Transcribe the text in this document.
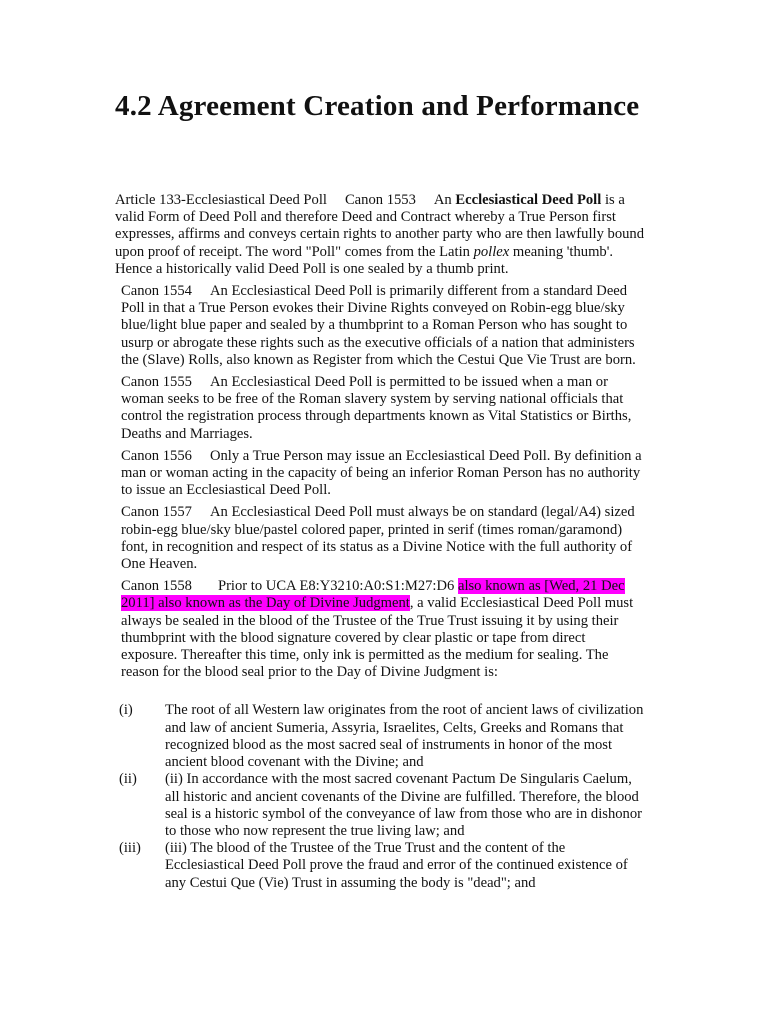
4.2 Agreement Creation and Performance

Article 133-Ecclesiastical Deed Poll Canon 1553 An Ecclesiastical Deed Poll is a valid Form of Deed Poll and therefore Deed and Contract whereby a True Person first expresses, affirms and conveys certain rights to another party who are then lawfully bound upon proof of receipt. The word "Poll" comes from the Latin pollex meaning 'thumb'. Hence a historically valid Deed Poll is one sealed by a thumb print.

Canon 1554 An Ecclesiastical Deed Poll is primarily different from a standard Deed Poll in that a True Person evokes their Divine Rights conveyed on Robin-egg blue/sky blue/light blue paper and sealed by a thumbprint to a Roman Person who has sought to usurp or abrogate these rights such as the executive officials of a nation that administers the (Slave) Rolls, also known as Register from which the Cestui Que Vie Trust are born.

Canon 1555 An Ecclesiastical Deed Poll is permitted to be issued when a man or woman seeks to be free of the Roman slavery system by serving national officials that control the registration process through departments known as Vital Statistics or Births, Deaths and Marriages.

Canon 1556 Only a True Person may issue an Ecclesiastical Deed Poll. By definition a man or woman acting in the capacity of being an inferior Roman Person has no authority to issue an Ecclesiastical Deed Poll.

Canon 1557 An Ecclesiastical Deed Poll must always be on standard (legal/A4) sized robin-egg blue/sky blue/pastel colored paper, printed in serif (times roman/garamond) font, in recognition and respect of its status as a Divine Notice with the full authority of One Heaven.

Canon 1558 Prior to UCA E8:Y3210:A0:S1:M27:D6 also known as [Wed, 21 Dec 2011] also known as the Day of Divine Judgment, a valid Ecclesiastical Deed Poll must always be sealed in the blood of the Trustee of the True Trust issuing it by using their thumbprint with the blood signature covered by clear plastic or tape from direct exposure. Thereafter this time, only ink is permitted as the medium for sealing. The reason for the blood seal prior to the Day of Divine Judgment is:

(i) The root of all Western law originates from the root of ancient laws of civilization and law of ancient Sumeria, Assyria, Israelites, Celts, Greeks and Romans that recognized blood as the most sacred seal of instruments in honor of the most ancient blood covenant with the Divine; and

(ii) (ii) In accordance with the most sacred covenant Pactum De Singularis Caelum, all historic and ancient covenants of the Divine are fulfilled. Therefore, the blood seal is a historic symbol of the conveyance of law from those who are in dishonor to those who now represent the true living law; and

(iii) (iii) The blood of the Trustee of the True Trust and the content of the Ecclesiastical Deed Poll prove the fraud and error of the continued existence of any Cestui Que (Vie) Trust in assuming the body is "dead"; and
